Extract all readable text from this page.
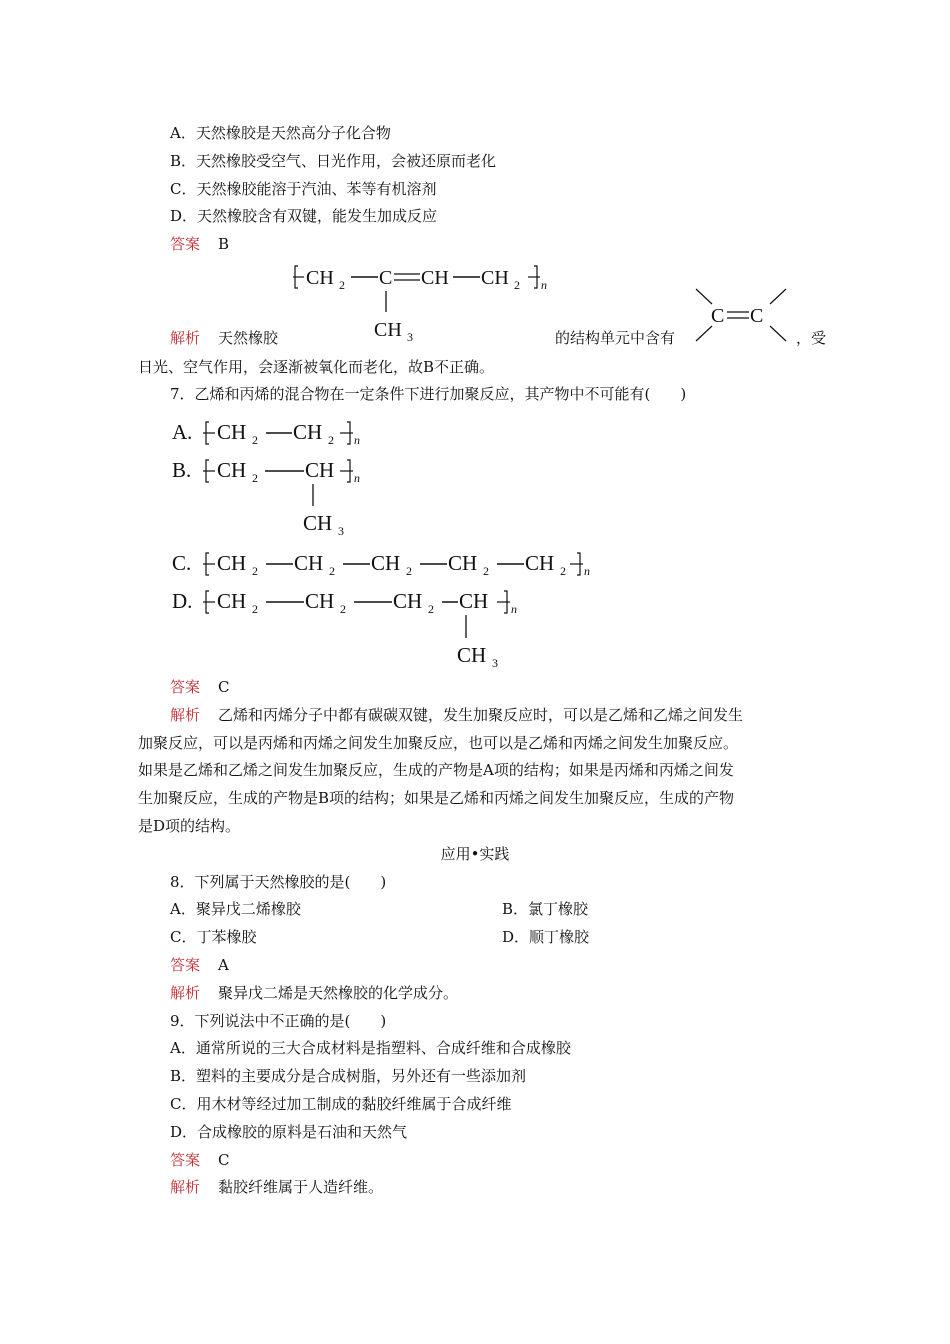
A．天然橡胶是天然高分子化合物
B．天然橡胶受空气、日光作用，会被还原而老化
C．天然橡胶能溶于汽油、苯等有机溶剂
D．天然橡胶含有双键，能发生加成反应
答案 B
CH 2 C CH CH 2 n
CH 3
解析 天然橡胶	的结构单元中含有
C C
，受
日光、空气作用，会逐渐被氧化而老化，故B不正确。
7．乙烯和丙烯的混合物在一定条件下进行加聚反应，其产物中不可能有(　　)
A. CH 2 CH 2 n
B. CH 2 CH n
CH 3
C. CH 2 CH 2 CH 2 CH 2 CH 2 n
D. CH 2 CH 2 CH 2 CH n
CH 3
答案 C
解析 乙烯和丙烯分子中都有碳碳双键，发生加聚反应时，可以是乙烯和乙烯之间发生
加聚反应，可以是丙烯和丙烯之间发生加聚反应，也可以是乙烯和丙烯之间发生加聚反应。
如果是乙烯和乙烯之间发生加聚反应，生成的产物是A项的结构；如果是丙烯和丙烯之间发
生加聚反应，生成的产物是B项的结构；如果是乙烯和丙烯之间发生加聚反应，生成的产物
是D项的结构。
应用•实践
8．下列属于天然橡胶的是(　　)
A．聚异戊二烯橡胶	B．氯丁橡胶
C．丁苯橡胶	D．顺丁橡胶
答案 A
解析 聚异戊二烯是天然橡胶的化学成分。
9．下列说法中不正确的是(　　)
A．通常所说的三大合成材料是指塑料、合成纤维和合成橡胶
B．塑料的主要成分是合成树脂，另外还有一些添加剂
C．用木材等经过加工制成的黏胶纤维属于合成纤维
D．合成橡胶的原料是石油和天然气
答案 C
解析 黏胶纤维属于人造纤维。
